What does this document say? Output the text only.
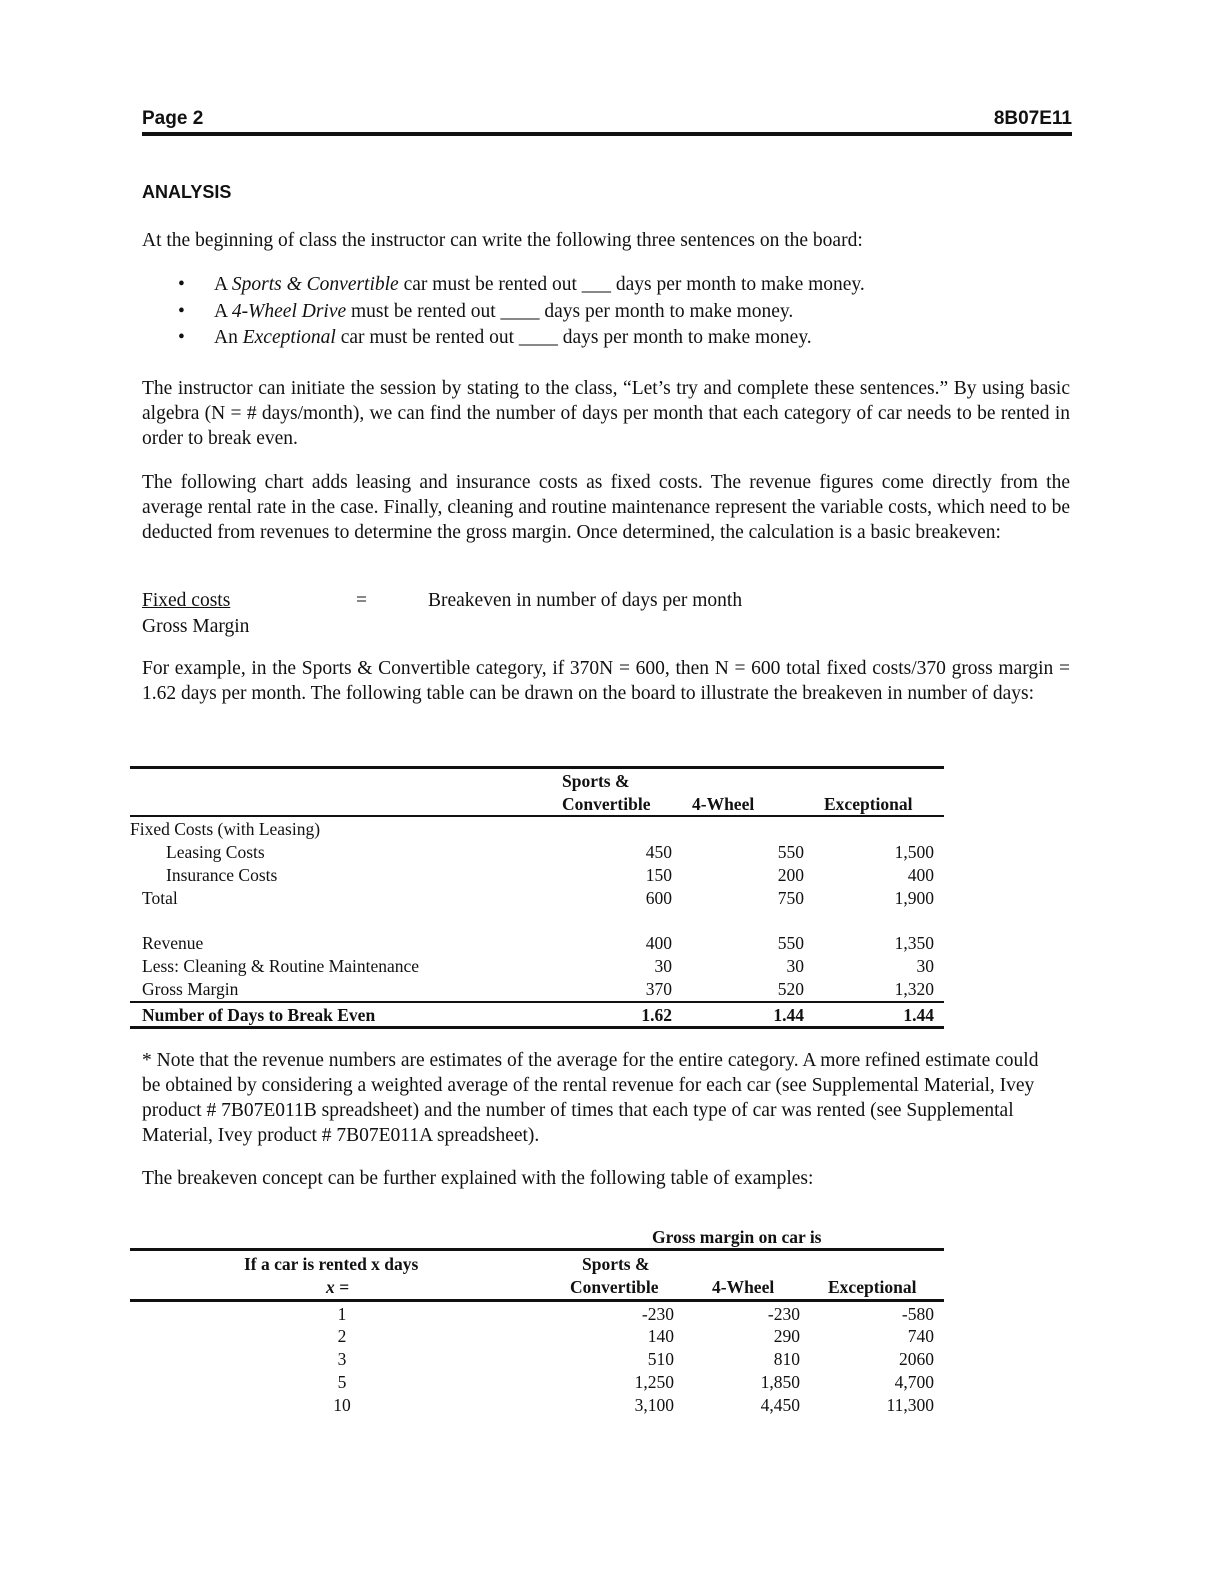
Page 2	8B07E11
ANALYSIS
At the beginning of class the instructor can write the following three sentences on the board:
• A Sports & Convertible car must be rented out ___ days per month to make money.
• A 4-Wheel Drive must be rented out ____ days per month to make money.
• An Exceptional car must be rented out ____ days per month to make money.
The instructor can initiate the session by stating to the class, “Let’s try and complete these sentences.” By using basic algebra (N = # days/month), we can find the number of days per month that each category of car needs to be rented in order to break even.
The following chart adds leasing and insurance costs as fixed costs. The revenue figures come directly from the average rental rate in the case. Finally, cleaning and routine maintenance represent the variable costs, which need to be deducted from revenues to determine the gross margin. Once determined, the calculation is a basic breakeven:
Fixed costs
Gross Margin
=	Breakeven in number of days per month
For example, in the Sports & Convertible category, if 370N = 600, then N = 600 total fixed costs/370 gross margin = 1.62 days per month. The following table can be drawn on the board to illustrate the breakeven in number of days:
Sports &
Convertible 4-Wheel	Exceptional
Fixed Costs (with Leasing)
Leasing Costs	450	550	1,500
Insurance Costs	150	200	400
Total	600	750	1,900
Revenue	400	550	1,350
Less: Cleaning & Routine Maintenance	30	30	30
Gross Margin	370	520	1,320
Number of Days to Break Even	1.62	1.44	1.44
* Note that the revenue numbers are estimates of the average for the entire category. A more refined estimate could be obtained by considering a weighted average of the rental revenue for each car (see Supplemental Material, Ivey product # 7B07E011B spreadsheet) and the number of times that each type of car was rented (see Supplemental Material, Ivey product # 7B07E011A spreadsheet).
The breakeven concept can be further explained with the following table of examples:
Gross margin on car is
If a car is rented x days
x =
Sports &
Convertible	4-Wheel	Exceptional
1	-230	-230	-580
2	140	290	740
3	510	810	2060
5	1,250	1,850	4,700
10	3,100	4,450	11,300
